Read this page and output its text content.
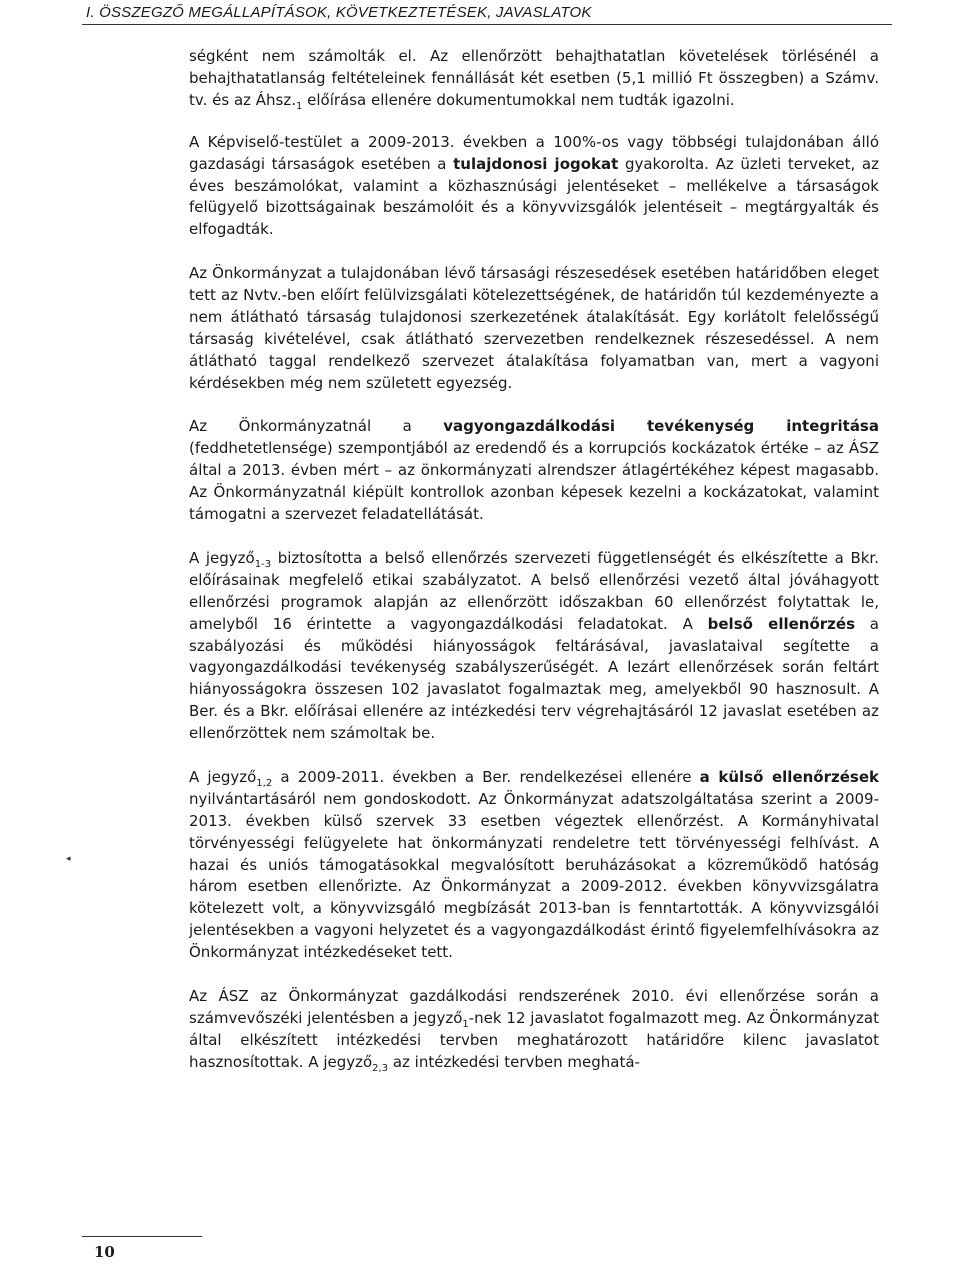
I. ÖSSZEGZŐ MEGÁLLAPÍTÁSOK, KÖVETKEZTETÉSEK, JAVASLATOK

ségként nem számolták el. Az ellenőrzött behajthatatlan követelések törlésénél a behajthatatlanság feltételeinek fennállását két esetben (5,1 millió Ft összegben) a Számv. tv. és az $Áhsz._1$ előírása ellenére dokumentumokkal nem tudták igazolni.

A Képviselő-testület a 2009-2013. években a 100%-os vagy többségi tulajdonában álló gazdasági társaságok esetében a tulajdonosi jogokat gyakorolta. Az üzleti terveket, az éves beszámolókat, valamint a közhasznúsági jelentéseket – mellékelve a társaságok felügyelő bizottságainak beszámolóit és a könyvvizsgálók jelentéseit – megtárgyalták és elfogadták.

Az Önkormányzat a tulajdonában lévő társasági részesedések esetében határidőben eleget tett az Nvtv.-ben előírt felülvizsgálati kötelezettségének, de határidőn túl kezdeményezte a nem átlátható társaság tulajdonosi szerkezetének átalakítását. Egy korlátolt felelősségű társaság kivételével, csak átlátható szervezetben rendelkeznek részesedéssel. A nem átlátható taggal rendelkező szervezet átalakítása folyamatban van, mert a vagyoni kérdésekben még nem született egyezség.

Az Önkormányzatnál a vagyongazdálkodási tevékenység integritása (feddhetetlensége) szempontjából az eredendő és a korrupciós kockázatok értéke – az ÁSZ által a 2013. évben mért – az önkormányzati alrendszer átlagértékéhez képest magasabb. Az Önkormányzatnál kiépült kontrollok azonban képesek kezelni a kockázatokat, valamint támogatni a szervezet feladatellátását.

A jegyző$_{1-3}$ biztosította a belső ellenőrzés szervezeti függetlenségét és elkészítette a Bkr. előírásainak megfelelő etikai szabályzatot. A belső ellenőrzési vezető által jóváhagyott ellenőrzési programok alapján az ellenőrzött időszakban 60 ellenőrzést folytattak le, amelyből 16 érintette a vagyongazdálkodási feladatokat. A belső ellenőrzés a szabályozási és működési hiányosságok feltárásával, javaslataival segítette a vagyongazdálkodási tevékenység szabályszerűségét. A lezárt ellenőrzések során feltárt hiányosságokra összesen 102 javaslatot fogalmaztak meg, amelyekből 90 hasznosult. A Ber. és a Bkr. előírásai ellenére az intézkedési terv végrehajtásáról 12 javaslat esetében az ellenőrzöttek nem számoltak be.

A jegyző$_{1,2}$ a 2009-2011. években a Ber. rendelkezései ellenére a külső ellenőrzések nyilvántartásáról nem gondoskodott. Az Önkormányzat adatszolgáltatása szerint a 2009-2013. években külső szervek 33 esetben végeztek ellenőrzést. A Kormányhivatal törvényességi felügyelete hat önkormányzati rendeletre tett törvényességi felhívást. A hazai és uniós támogatásokkal megvalósított beruházásokat a közreműködő hatóság három esetben ellenőrizte. Az Önkormányzat a 2009-2012. években könyvvizsgálatra kötelezett volt, a könyvvizsgáló megbízását 2013-ban is fenntartották. A könyvvizsgálói jelentésekben a vagyoni helyzetet és a vagyongazdálkodást érintő figyelemfelhívásokra az Önkormányzat intézkedéseket tett.

Az ÁSZ az Önkormányzat gazdálkodási rendszerének 2010. évi ellenőrzése során a számvevőszéki jelentésben a jegyző$_1$-nek 12 javaslatot fogalmazott meg. Az Önkormányzat által elkészített intézkedési tervben meghatározott határidőre kilenc javaslatot hasznosítottak. A jegyző$_{2,3}$ az intézkedési tervben meghatá-

◂
10
